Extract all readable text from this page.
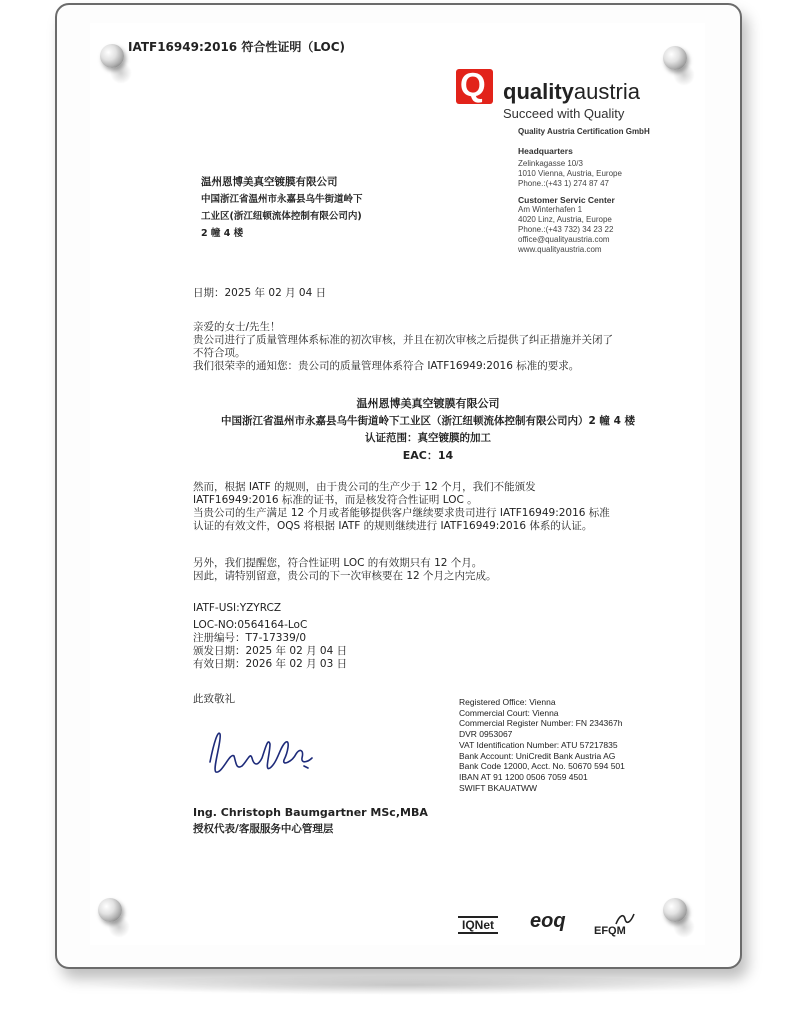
IATF16949:2016 符合性证明（LOC)
Q qualityaustria
Succeed with Quality
Quality Austria Certification GmbH
Headquarters
Zelinkagasse 10/3
1010 Vienna, Austria, Europe
Phone.:(+43 1) 274 87 47
Customer Servic Center
Am Winterhafen 1
4020 Linz, Austria, Europe
Phone.:(+43 732) 34 23 22
office@qualityaustria.com
www.qualityaustria.com
温州恩博美真空镀膜有限公司
中国浙江省温州市永嘉县乌牛街道岭下
工业区(浙江纽顿流体控制有限公司内)
2 幢 4 楼
日期：2025 年 02 月 04 日
亲爱的女士/先生！
贵公司进行了质量管理体系标准的初次审核，并且在初次审核之后提供了纠正措施并关闭了
不符合项。
我们很荣幸的通知您：贵公司的质量管理体系符合 IATF16949:2016 标准的要求。
温州恩博美真空镀膜有限公司
中国浙江省温州市永嘉县乌牛街道岭下工业区（浙江纽顿流体控制有限公司内）2 幢 4 楼
认证范围：真空镀膜的加工
EAC：14
然而，根据 IATF 的规则，由于贵公司的生产少于 12 个月，我们不能颁发
IATF16949:2016 标准的证书，而是核发符合性证明 LOC 。
当贵公司的生产满足 12 个月或者能够提供客户继续要求贵司进行 IATF16949:2016 标准
认证的有效文件，OQS 将根据 IATF 的规则继续进行 IATF16949:2016 体系的认证。
另外，我们提醒您，符合性证明 LOC 的有效期只有 12 个月。
因此，请特别留意，贵公司的下一次审核要在 12 个月之内完成。
IATF-USI:YZYRCZ
LOC-NO:0564164-LoC
注册编号：T7-17339/0
颁发日期：2025 年 02 月 04 日
有效日期：2026 年 02 月 03 日
此致敬礼
Ing. Christoph Baumgartner MSc,MBA
授权代表/客服服务中心管理层
Registered Office: Vienna
Commercial Court: Vienna
Commercial Register Number: FN 234367h
DVR 0953067
VAT Identification Number: ATU 57217835
Bank Account: UniCredit Bank Austria AG
Bank Code 12000, Acct. No. 50670 594 501
IBAN AT 91 1200 0506 7059 4501
SWIFT BKAUATWW
IQNet eoq	EFQM
